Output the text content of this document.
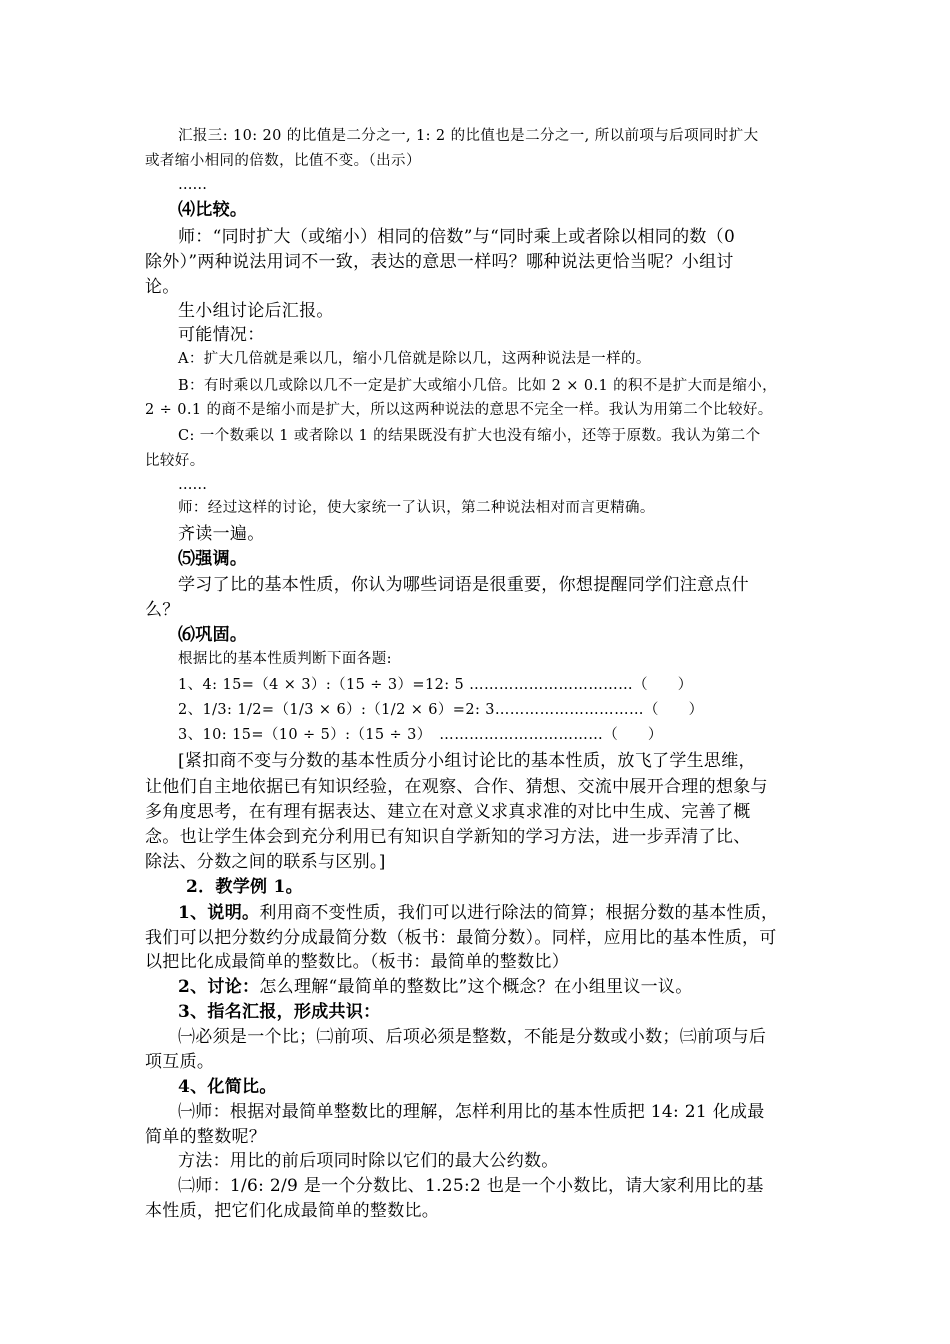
汇报三: 10: 20 的比值是二分之一, 1: 2 的比值也是二分之一, 所以前项与后项同时扩大
或者缩小相同的倍数，比值不变。（出示）
……
⑷比较。
师：“同时扩大（或缩小）相同的倍数”与“同时乘上或者除以相同的数（0
除外）”两种说法用词不一致，表达的意思一样吗？哪种说法更恰当呢？小组讨
论。
生小组讨论后汇报。
可能情况：
A：扩大几倍就是乘以几，缩小几倍就是除以几，这两种说法是一样的。
B：有时乘以几或除以几不一定是扩大或缩小几倍。比如 2 × 0.1 的积不是扩大而是缩小，
2 ÷ 0.1 的商不是缩小而是扩大，所以这两种说法的意思不完全一样。我认为用第二个比较好。
C: 一个数乘以 1 或者除以 1 的结果既没有扩大也没有缩小，还等于原数。我认为第二个
比较好。
……
师：经过这样的讨论，使大家统一了认识，第二种说法相对而言更精确。
齐读一遍。
⑸强调。
学习了比的基本性质，你认为哪些词语是很重要，你想提醒同学们注意点什
么？
⑹巩固。
根据比的基本性质判断下面各题:
1、4: 15=（4 × 3）:（15 ÷ 3）=12: 5 ……………………………（　　）
2、1/3: 1/2=（1/3 × 6）:（1/2 × 6）=2: 3…………………………（　　）
3、10: 15=（10 ÷ 5）:（15 ÷ 3）　……………………………（　　）
[紧扣商不变与分数的基本性质分小组讨论比的基本性质，放飞了学生思维，
让他们自主地依据已有知识经验，在观察、合作、猜想、交流中展开合理的想象与
多角度思考，在有理有据表达、建立在对意义求真求准的对比中生成、完善了概
念。也让学生体会到充分利用已有知识自学新知的学习方法，进一步弄清了比、
除法、分数之间的联系与区别。]
2．教学例 1。
1、说明。利用商不变性质，我们可以进行除法的简算；根据分数的基本性质，
我们可以把分数约分成最简分数（板书：最简分数）。同样，应用比的基本性质，可
以把比化成最简单的整数比。（板书：最简单的整数比）
2、讨论：怎么理解“最简单的整数比”这个概念？在小组里议一议。
3、指名汇报，形成共识：
㈠必须是一个比；㈡前项、后项必须是整数，不能是分数或小数；㈢前项与后
项互质。
4、化简比。
㈠师：根据对最简单整数比的理解，怎样利用比的基本性质把 14: 21 化成最
简单的整数呢？
方法：用比的前后项同时除以它们的最大公约数。
㈡师：1/6: 2/9 是一个分数比、1.25:2 也是一个小数比，请大家利用比的基
本性质，把它们化成最简单的整数比。
